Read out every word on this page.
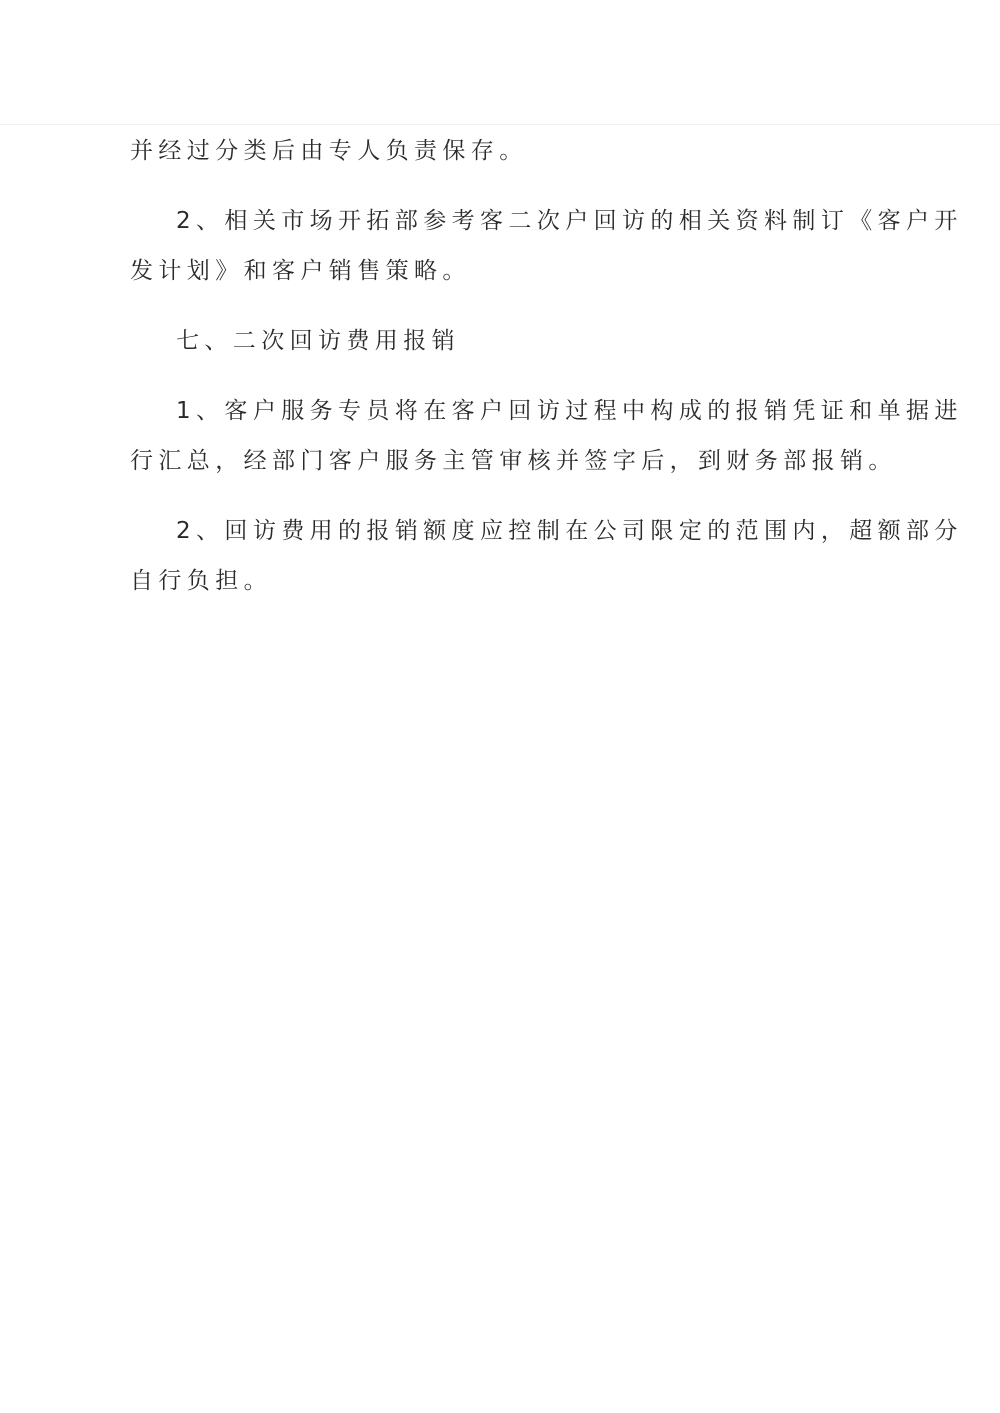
并经过分类后由专人负责保存。
2、相关市场开拓部参考客二次户回访的相关资料制订《客户开
发计划》和客户销售策略。
七、二次回访费用报销
1、客户服务专员将在客户回访过程中构成的报销凭证和单据进
行汇总，经部门客户服务主管审核并签字后，到财务部报销。
2、回访费用的报销额度应控制在公司限定的范围内，超额部分
自行负担。
